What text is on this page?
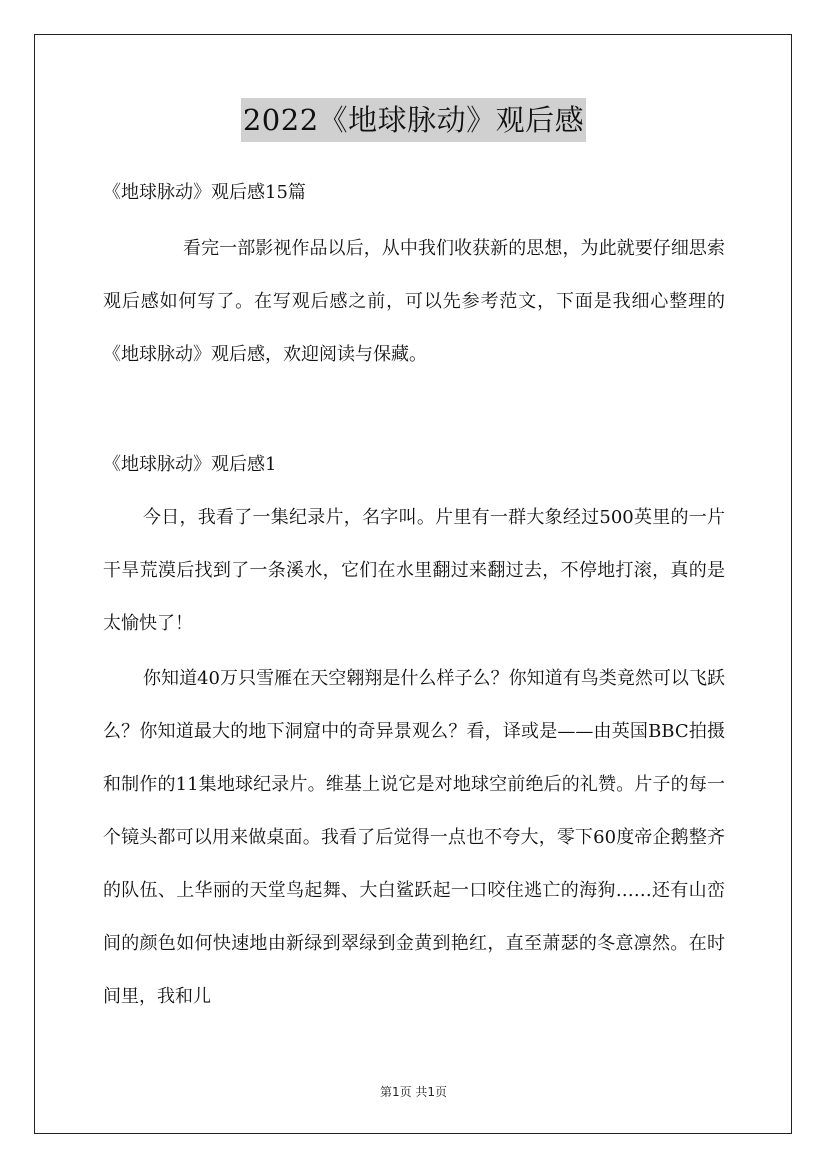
2022《地球脉动》观后感
《地球脉动》观后感15篇

看完一部影视作品以后，从中我们收获新的思想，为此就要仔细思索观后感如何写了。在写观后感之前，可以先参考范文，下面是我细心整理的《地球脉动》观后感，欢迎阅读与保藏。

《地球脉动》观后感1

今日，我看了一集纪录片，名字叫。片里有一群大象经过500英里的一片干旱荒漠后找到了一条溪水，它们在水里翻过来翻过去，不停地打滚，真的是太愉快了！

你知道40万只雪雁在天空翱翔是什么样子么？你知道有鸟类竟然可以飞跃么？你知道最大的地下洞窟中的奇异景观么？看，译或是——由英国BBC拍摄和制作的11集地球纪录片。维基上说它是对地球空前绝后的礼赞。片子的每一个镜头都可以用来做桌面。我看了后觉得一点也不夸大，零下60度帝企鹅整齐的队伍、上华丽的天堂鸟起舞、大白鲨跃起一口咬住逃亡的海狗……还有山峦间的颜色如何快速地由新绿到翠绿到金黄到艳红，直至萧瑟的冬意凛然。在时间里，我和儿

第1页 共1页
